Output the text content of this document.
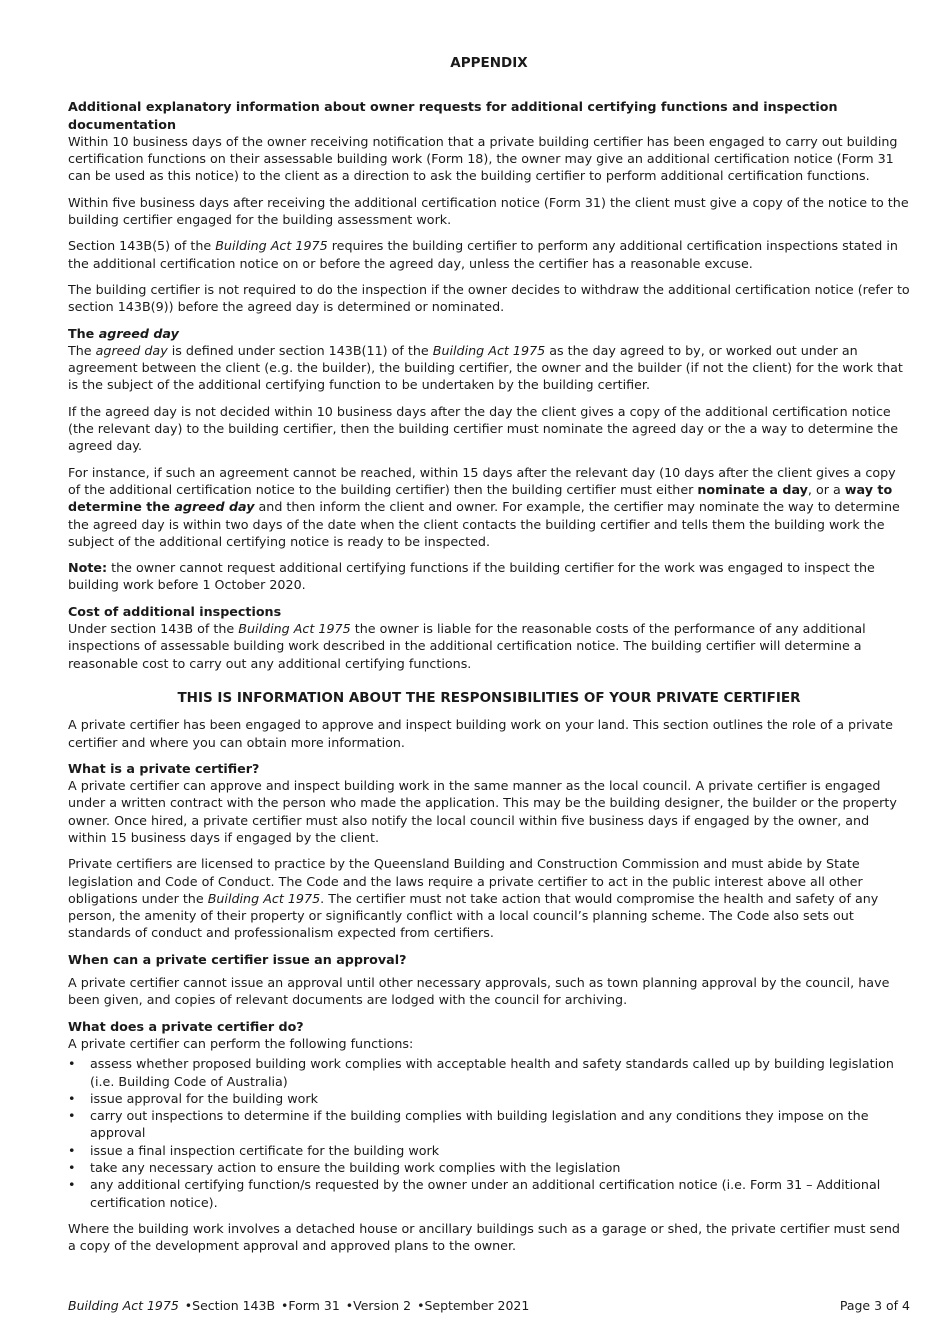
APPENDIX

Additional explanatory information about owner requests for additional certifying functions and inspection documentation

Within 10 business days of the owner receiving notification that a private building certifier has been engaged to carry out building certification functions on their assessable building work (Form 18), the owner may give an additional certification notice (Form 31 can be used as this notice) to the client as a direction to ask the building certifier to perform additional certification functions.

Within five business days after receiving the additional certification notice (Form 31) the client must give a copy of the notice to the building certifier engaged for the building assessment work.

Section 143B(5) of the Building Act 1975 requires the building certifier to perform any additional certification inspections stated in the additional certification notice on or before the agreed day, unless the certifier has a reasonable excuse.

The building certifier is not required to do the inspection if the owner decides to withdraw the additional certification notice (refer to section 143B(9)) before the agreed day is determined or nominated.

The agreed day

The agreed day is defined under section 143B(11) of the Building Act 1975 as the day agreed to by, or worked out under an agreement between the client (e.g. the builder), the building certifier, the owner and the builder (if not the client) for the work that is the subject of the additional certifying function to be undertaken by the building certifier.

If the agreed day is not decided within 10 business days after the day the client gives a copy of the additional certification notice (the relevant day) to the building certifier, then the building certifier must nominate the agreed day or the a way to determine the agreed day.

For instance, if such an agreement cannot be reached, within 15 days after the relevant day (10 days after the client gives a copy of the additional certification notice to the building certifier) then the building certifier must either nominate a day, or a way to determine the agreed day and then inform the client and owner. For example, the certifier may nominate the way to determine the agreed day is within two days of the date when the client contacts the building certifier and tells them the building work the subject of the additional certifying notice is ready to be inspected.

Note: the owner cannot request additional certifying functions if the building certifier for the work was engaged to inspect the building work before 1 October 2020.

Cost of additional inspections

Under section 143B of the Building Act 1975 the owner is liable for the reasonable costs of the performance of any additional inspections of assessable building work described in the additional certification notice. The building certifier will determine a reasonable cost to carry out any additional certifying functions.

THIS IS INFORMATION ABOUT THE RESPONSIBILITIES OF YOUR PRIVATE CERTIFIER

A private certifier has been engaged to approve and inspect building work on your land. This section outlines the role of a private certifier and where you can obtain more information.

What is a private certifier?

A private certifier can approve and inspect building work in the same manner as the local council. A private certifier is engaged under a written contract with the person who made the application. This may be the building designer, the builder or the property owner. Once hired, a private certifier must also notify the local council within five business days if engaged by the owner, and within 15 business days if engaged by the client.

Private certifiers are licensed to practice by the Queensland Building and Construction Commission and must abide by State legislation and Code of Conduct. The Code and the laws require a private certifier to act in the public interest above all other obligations under the Building Act 1975. The certifier must not take action that would compromise the health and safety of any person, the amenity of their property or significantly conflict with a local council’s planning scheme. The Code also sets out standards of conduct and professionalism expected from certifiers.

When can a private certifier issue an approval?

A private certifier cannot issue an approval until other necessary approvals, such as town planning approval by the council, have been given, and copies of relevant documents are lodged with the council for archiving.

What does a private certifier do?

A private certifier can perform the following functions:

• assess whether proposed building work complies with acceptable health and safety standards called up by building legislation (i.e. Building Code of Australia)
• issue approval for the building work
• carry out inspections to determine if the building complies with building legislation and any conditions they impose on the approval
• issue a final inspection certificate for the building work
• take any necessary action to ensure the building work complies with the legislation
• any additional certifying function/s requested by the owner under an additional certification notice (i.e. Form 31 – Additional certification notice).

Where the building work involves a detached house or ancillary buildings such as a garage or shed, the private certifier must send a copy of the development approval and approved plans to the owner.

Building Act 1975 •Section 143B •Form 31 •Version 2 •September 2021	Page 3 of 4
